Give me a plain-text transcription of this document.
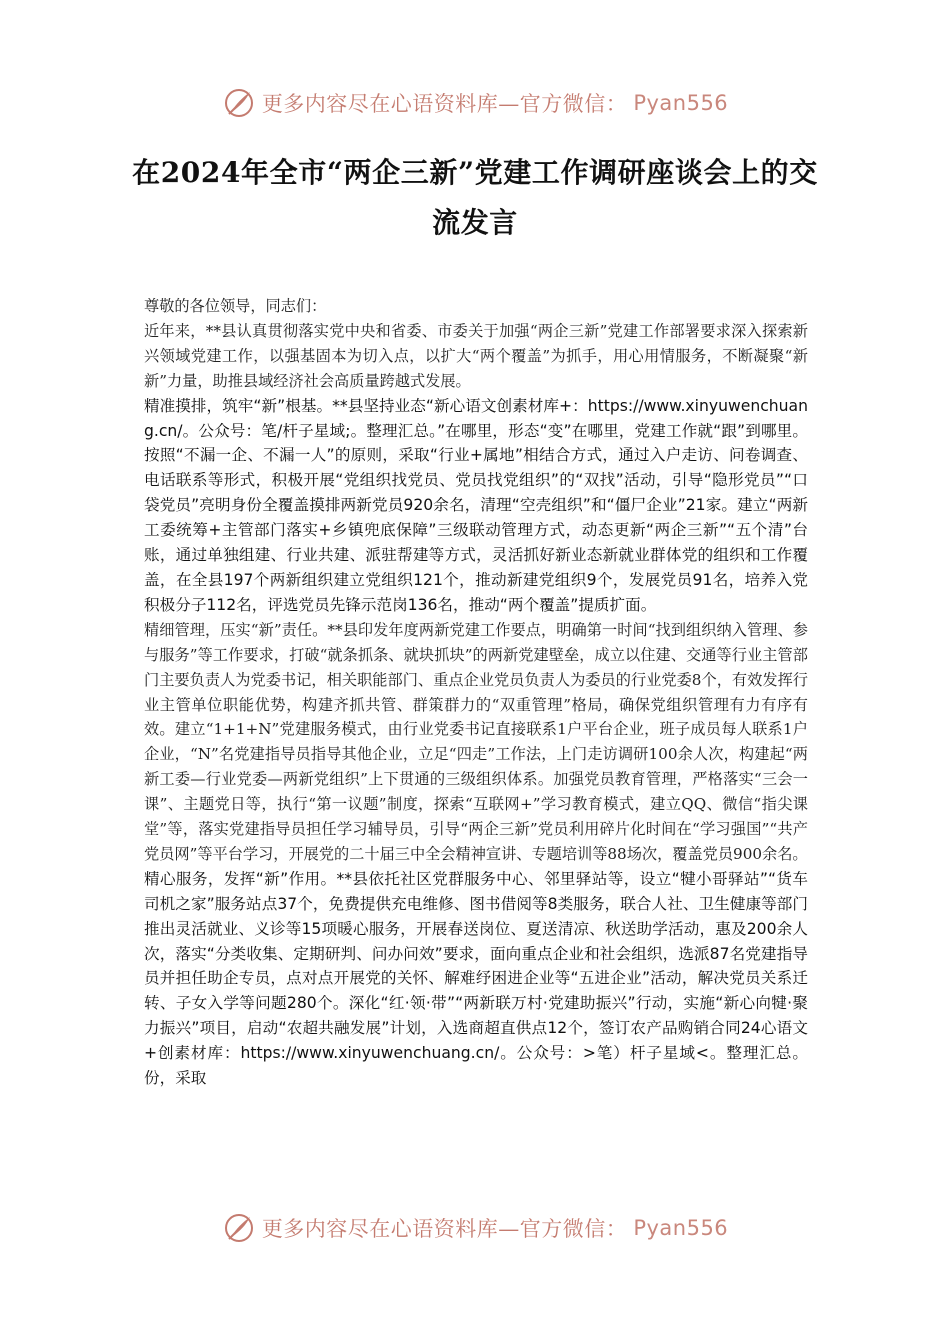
更多内容尽在心语资料库—官方微信： Pyan556
在2024年全市“两企三新”党建工作调研座谈会上的交流发言

尊敬的各位领导，同志们：

近年来，**县认真贯彻落实党中央和省委、市委关于加强“两企三新”党建工作部署要求深入探索新兴领域党建工作，以强基固本为切入点，以扩大“两个覆盖”为抓手，用心用情服务，不断凝聚“新新”力量，助推县域经济社会高质量跨越式发展。

精准摸排，筑牢“新”根基。**县坚持业态“新心语文创素材库+：https://www.xinyuwenchuang.cn/。公众号：笔/杆子星域;。整理汇总。”在哪里，形态“变”在哪里，党建工作就“跟”到哪里。按照“不漏一企、不漏一人”的原则，采取“行业+属地”相结合方式，通过入户走访、问卷调查、电话联系等形式，积极开展“党组织找党员、党员找党组织”的“双找”活动，引导“隐形党员”“口袋党员”亮明身份全覆盖摸排两新党员920余名，清理“空壳组织”和“僵尸企业”21家。建立“两新工委统筹+主管部门落实+乡镇兜底保障”三级联动管理方式，动态更新“两企三新”“五个清”台账，通过单独组建、行业共建、派驻帮建等方式，灵活抓好新业态新就业群体党的组织和工作覆盖，在全县197个两新组织建立党组织121个，推动新建党组织9个，发展党员91名，培养入党积极分子112名，评选党员先锋示范岗136名，推动“两个覆盖”提质扩面。

精细管理，压实“新”责任。**县印发年度两新党建工作要点，明确第一时间“找到组织纳入管理、参与服务”等工作要求，打破“就条抓条、就块抓块”的两新党建壁垒，成立以住建、交通等行业主管部门主要负责人为党委书记，相关职能部门、重点企业党员负责人为委员的行业党委8个，有效发挥行业主管单位职能优势，构建齐抓共管、群策群力的“双重管理”格局，确保党组织管理有力有序有效。建立“1+1+N”党建服务模式，由行业党委书记直接联系1户平台企业，班子成员每人联系1户企业，“N”名党建指导员指导其他企业，立足“四走”工作法，上门走访调研100余人次，构建起“两新工委—行业党委—两新党组织”上下贯通的三级组织体系。加强党员教育管理，严格落实“三会一课”、主题党日等，执行“第一议题”制度，探索“互联网+”学习教育模式，建立QQ、微信“指尖课堂”等，落实党建指导员担任学习辅导员，引导“两企三新”党员利用碎片化时间在“学习强国”“共产党员网”等平台学习，开展党的二十届三中全会精神宣讲、专题培训等88场次，覆盖党员900余名。

精心服务，发挥“新”作用。**县依托社区党群服务中心、邻里驿站等，设立“犍小哥驿站”“货车司机之家”服务站点37个，免费提供充电维修、图书借阅等8类服务，联合人社、卫生健康等部门推出灵活就业、义诊等15项暖心服务，开展春送岗位、夏送清凉、秋送助学活动，惠及200余人次，落实“分类收集、定期研判、问办问效”要求，面向重点企业和社会组织，选派87名党建指导员并担任助企专员，点对点开展党的关怀、解难纾困进企业等“五进企业”活动，解决党员关系迁转、子女入学等问题280个。深化“红·领·带”“两新联万村·党建助振兴”行动，实施“新心向犍·聚力振兴”项目，启动“农超共融发展”计划，入选商超直供点12个，签订农产品购销合同24心语文+创素材库：https://www.xinyuwenchuang.cn/。公众号：>笔）杆子星域<。整理汇总。份，采取

更多内容尽在心语资料库—官方微信： Pyan556
